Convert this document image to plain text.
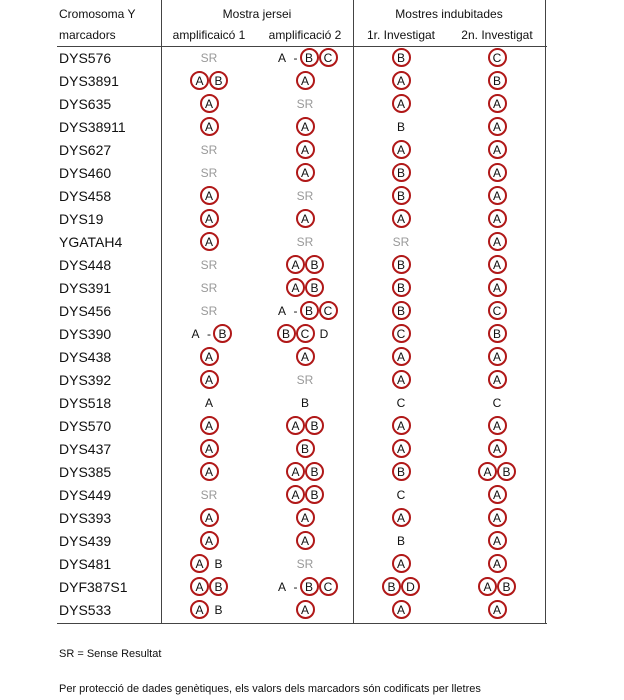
Cromosoma Y	Mostra jersei	Mostres indubitades
marcadors	amplificaicó 1	amplificació 2	1r. Investigat	2n. Investigat
DYS576	SR	A - B C	B	C
DYS3891	A B	A	A	B
DYS635	A	SR	A	A
DYS38911	A	A	B	A
DYS627	SR	A	A	A
DYS460	SR	A	B	A
DYS458	A	SR	B	A
DYS19	A	A	A	A
YGATAH4	A	SR	SR	A
DYS448	SR	A B	B	A
DYS391	SR	A B	B	A
DYS456	SR	A - B C	B	C
DYS390	A - B	B C D	C	B
DYS438	A	A	A	A
DYS392	A	SR	A	A
DYS518	A	B	C	C
DYS570	A	A B	A	A
DYS437	A	B	A	A
DYS385	A	A B	B	A B
DYS449	SR	A B	C	A
DYS393	A	A	A	A
DYS439	A	A	B	A
DYS481	A B	SR	A	A
DYF387S1	A B	A - B C	B D	A B
DYS533	A B	A	A	A
SR = Sense Resultat
Per protecció de dades genètiques, els valors dels marcadors són codificats per lletres
